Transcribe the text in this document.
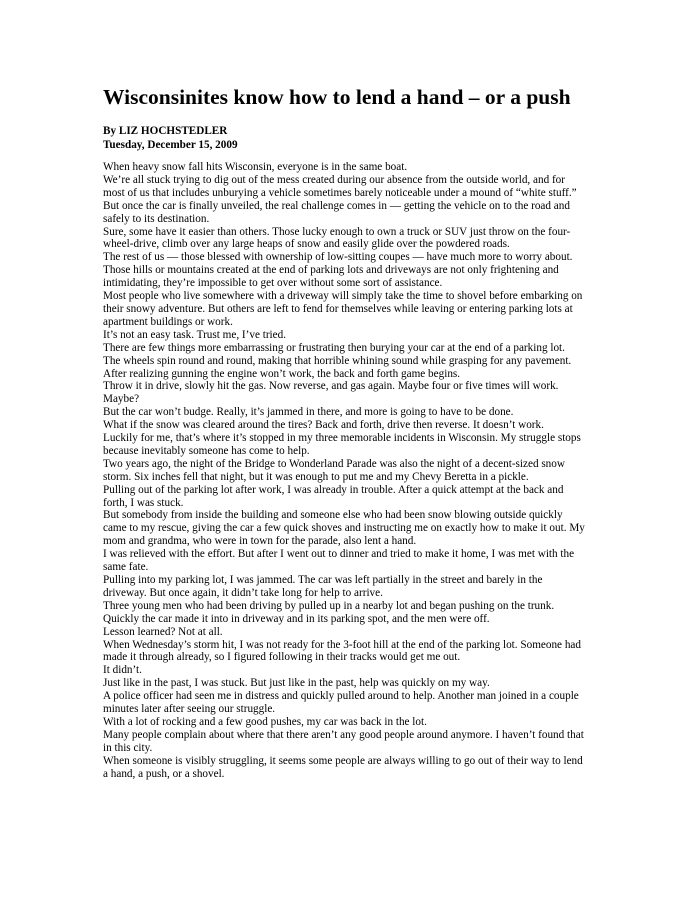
Wisconsinites know how to lend a hand – or a push
By LIZ HOCHSTEDLER
Tuesday, December 15, 2009

When heavy snow fall hits Wisconsin, everyone is in the same boat.

We’re all stuck trying to dig out of the mess created during our absence from the outside world, and for

most of us that includes unburying a vehicle sometimes barely noticeable under a mound of “white stuff.”

But once the car is finally unveiled, the real challenge comes in — getting the vehicle on to the road and

safely to its destination.

Sure, some have it easier than others. Those lucky enough to own a truck or SUV just throw on the four-

wheel-drive, climb over any large heaps of snow and easily glide over the powdered roads.

The rest of us — those blessed with ownership of low-sitting coupes — have much more to worry about.

Those hills or mountains created at the end of parking lots and driveways are not only frightening and

intimidating, they’re impossible to get over without some sort of assistance.

Most people who live somewhere with a driveway will simply take the time to shovel before embarking on

their snowy adventure. But others are left to fend for themselves while leaving or entering parking lots at

apartment buildings or work.

It’s not an easy task. Trust me, I’ve tried.

There are few things more embarrassing or frustrating then burying your car at the end of a parking lot.

The wheels spin round and round, making that horrible whining sound while grasping for any pavement.

After realizing gunning the engine won’t work, the back and forth game begins.

Throw it in drive, slowly hit the gas. Now reverse, and gas again. Maybe four or five times will work.

Maybe?

But the car won’t budge. Really, it’s jammed in there, and more is going to have to be done.

What if the snow was cleared around the tires? Back and forth, drive then reverse. It doesn’t work.

Luckily for me, that’s where it’s stopped in my three memorable incidents in Wisconsin. My struggle stops

because inevitably someone has come to help.

Two years ago, the night of the Bridge to Wonderland Parade was also the night of a decent-sized snow

storm. Six inches fell that night, but it was enough to put me and my Chevy Beretta in a pickle.

Pulling out of the parking lot after work, I was already in trouble. After a quick attempt at the back and

forth, I was stuck.

But somebody from inside the building and someone else who had been snow blowing outside quickly

came to my rescue, giving the car a few quick shoves and instructing me on exactly how to make it out. My

mom and grandma, who were in town for the parade, also lent a hand.

I was relieved with the effort. But after I went out to dinner and tried to make it home, I was met with the

same fate.

Pulling into my parking lot, I was jammed. The car was left partially in the street and barely in the

driveway. But once again, it didn’t take long for help to arrive.

Three young men who had been driving by pulled up in a nearby lot and began pushing on the trunk.

Quickly the car made it into in driveway and in its parking spot, and the men were off.

Lesson learned? Not at all.

When Wednesday’s storm hit, I was not ready for the 3-foot hill at the end of the parking lot. Someone had

made it through already, so I figured following in their tracks would get me out.

It didn’t.

Just like in the past, I was stuck. But just like in the past, help was quickly on my way.

A police officer had seen me in distress and quickly pulled around to help. Another man joined in a couple

minutes later after seeing our struggle.

With a lot of rocking and a few good pushes, my car was back in the lot.

Many people complain about where that there aren’t any good people around anymore. I haven’t found that

in this city.

When someone is visibly struggling, it seems some people are always willing to go out of their way to lend

a hand, a push, or a shovel.
